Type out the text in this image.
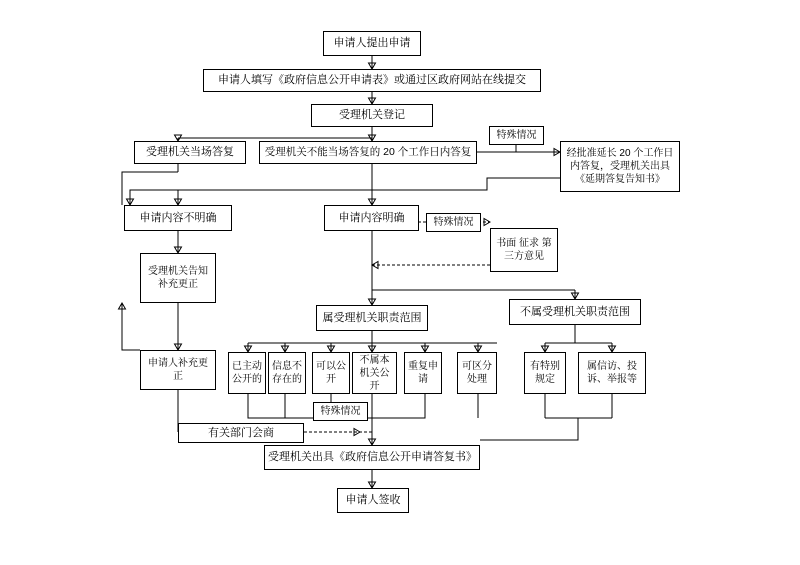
申请人提出申请
申请人填写《政府信息公开申请表》或通过区政府网站在线提交
受理机关登记
受理机关当场答复	受理机关不能当场答复的 20 个工作日内答复
特殊情况
经批准延长 20 个工作日内答复，受理机关出具《延期答复告知书》
申请内容不明确	申请内容明确	特殊情况
书面 征求 第三方意见
受理机关告知补充更正
属受理机关职责范围	不属受理机关职责范围
申请人补充更正
已主动公开的
信息不存在的
可以公开
不属本机关公开
重复申请
可区分处理
有特别规定
属信访、投诉、举报等
特殊情况
有关部门会商
受理机关出具《政府信息公开申请答复书》
申请人签收
